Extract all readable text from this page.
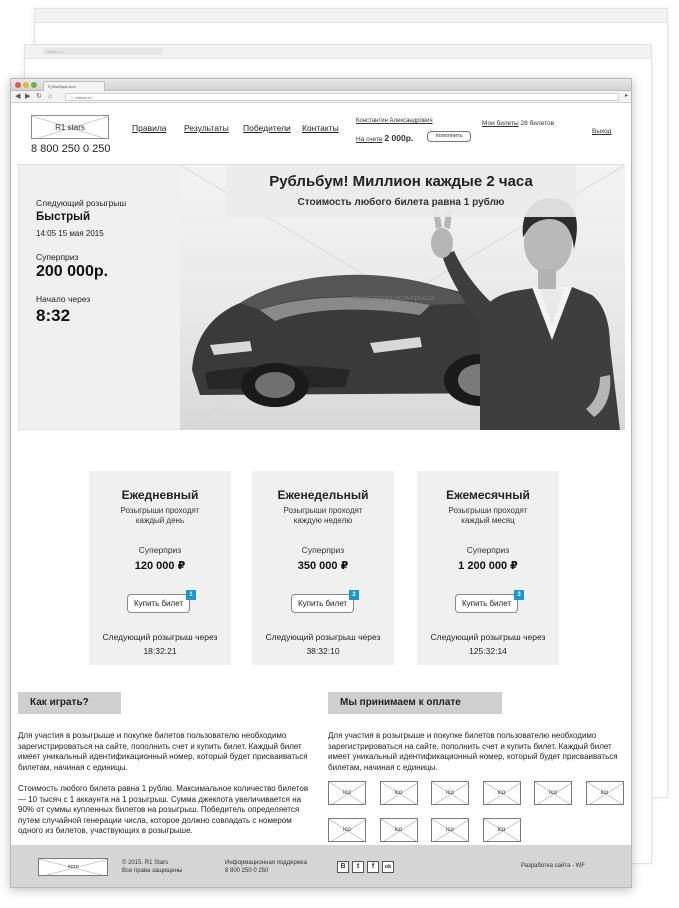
r1stars.ru
Рубльбум!лото
◀ ▶ ↻ ⌂	☆ r1stars.ru	▸
R1 stars
8 800 250 0 250
Правила Результаты Победители Контакты
Константин Александрович
На счете 2 000р.	пополнить
Мои билеты 28 билетов
Выход
Следующий розыгрыш
Быстрый
14:05 15 мая 2015
Суперприз
200 000р.
Начало через
8:32
Рубльбум! Миллион каждые 2 часа
Стоимость любого билета равна 1 рублю
трансляция розыгрыша
Ежедневный
Розыгрыши проходят каждый день
Суперприз
120 000 ₽
Купить билет
1
Следующий розыгрыш через
18:32:21
Еженедельный
Розыгрыши проходят каждую неделю
Суперприз
350 000 ₽
Купить билет
2
Следующий розыгрыш через
38:32:10
Ежемесячный
Розыгрыши проходят каждый месяц
Суперприз
1 200 000 ₽
Купить билет
3
Следующий розыгрыш через
125:32:14
Как играть?
Для участия в розыгрыше и покупке билетов пользователю необходимо зарегистрироваться на сайте, пополнить счет и купить билет. Каждый билет имеет уникальный идентификационный номер, который будет присваиваться билетам, начиная с единицы.
Стоимость любого билета равна 1 рублю. Максимальное количество билетов — 10 тысяч с 1 аккаунта на 1 розыгрыш. Сумма джекпота увеличивается на 90% от суммы купленных билетов на розыгрыш. Победитель определяется путем случайной генерации числа, которое должно совпадать с номером одного из билетов, участвующих в розыгрыше.
Мы принимаем к оплате
Для участия в розыгрыше и покупке билетов пользователю необходимо зарегистрироваться на сайте, пополнить счет и купить билет. Каждый билет имеет уникальный идентификационный номер, который будет присваиваться билетам, начиная с единицы.
лого
© 2015. R1 Stars
Все права защищены
Информационная поддержка
8 800 250 0 250
В	t	f	ok	Разработка сайта - WF
ico	ico	ico	ico	ico	ico
ico	ico	ico	ico
